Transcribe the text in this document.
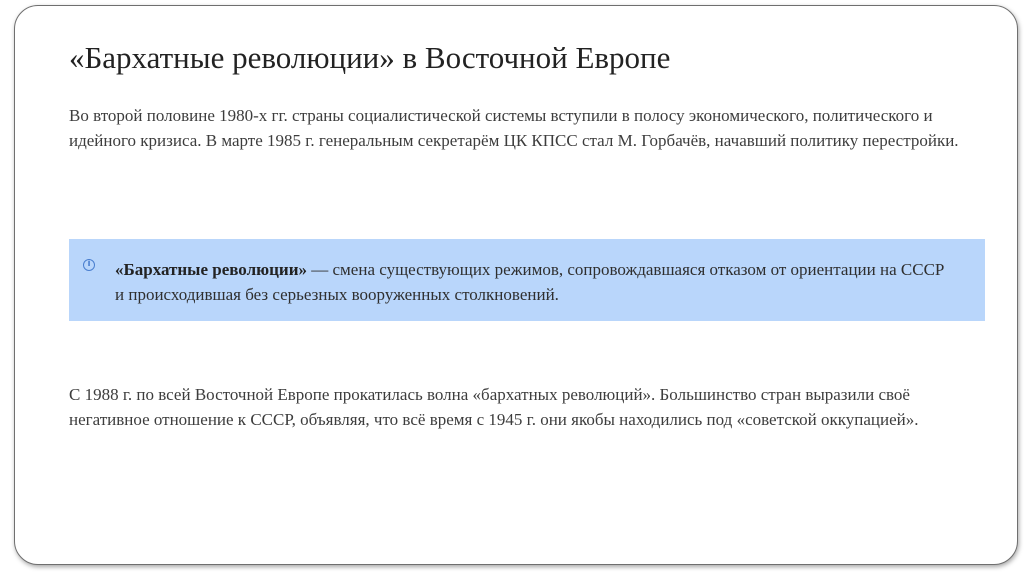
«Бархатные революции» в Восточной Европе

Во второй половине 1980-х гг. страны социалистической системы вступили в полосу экономического, политического и идейного кризиса. В марте 1985 г. генеральным секретарём ЦК КПСС стал М. Горбачёв, начавший политику перестройки.

i «Бархатные революции» — смена существующих режимов, сопровождавшаяся отказом от ориентации на СССР и происходившая без серьезных вооруженных столкновений.

С 1988 г. по всей Восточной Европе прокатилась волна «бархатных революций». Большинство стран выразили своё негативное отношение к СССР, объявляя, что всё время с 1945 г. они якобы находились под «советской оккупацией».
